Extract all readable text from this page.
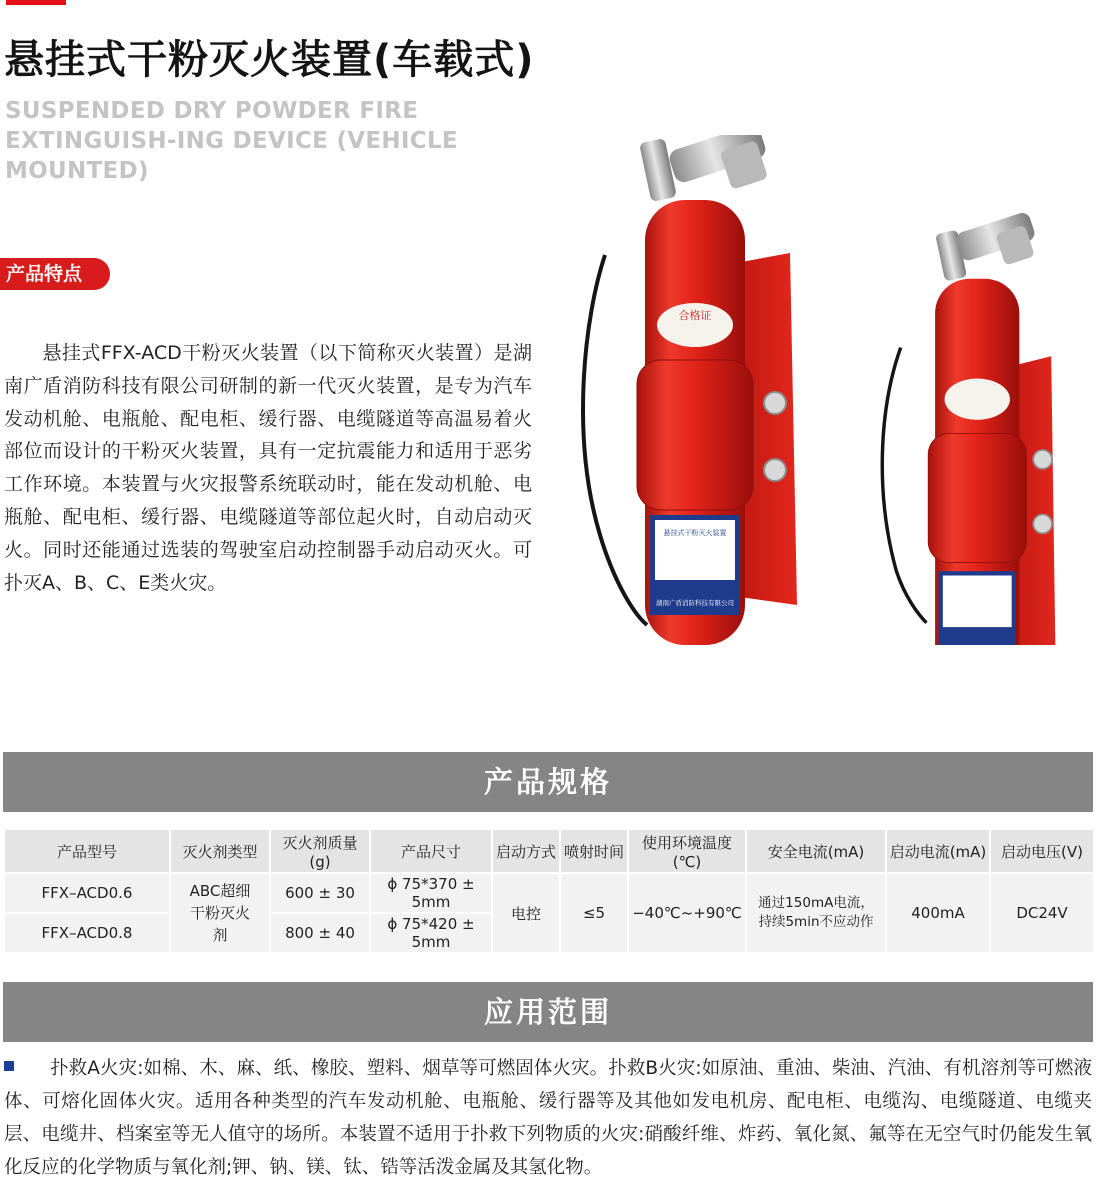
悬挂式干粉灭火装置(车载式)
SUSPENDED DRY POWDER FIRE EXTINGUISH-ING DEVICE (VEHICLE MOUNTED)
产品特点

悬挂式FFX-ACD干粉灭火装置（以下简称灭火装置）是湖南广盾消防科技有限公司研制的新一代灭火装置，是专为汽车发动机舱、电瓶舱、配电柜、缓行器、电缆隧道等高温易着火部位而设计的干粉灭火装置，具有一定抗震能力和适用于恶劣工作环境。本装置与火灾报警系统联动时，能在发动机舱、电瓶舱、配电柜、缓行器、电缆隧道等部位起火时，自动启动灭火。同时还能通过选装的驾驶室启动控制器手动启动灭火。可扑灭A、B、C、E类火灾。

合格证
悬挂式干粉灭火装置
湖南广盾消防科技有限公司
产品规格
产品型号	灭火剂类型	灭火剂质量(g)	产品尺寸	启动方式	喷射时间	使用环境温度(℃)	安全电流(mA)	启动电流(mA)	启动电压(V)
FFX–ACD0.6	ABC超细干粉灭火剂	600 ± 30	ϕ 75*370 ± 5mm	电控	≤5	−40℃~+90℃	通过150mA电流，持续5min不应动作	400mA	DC24V
FFX–ACD0.8		800 ± 40	ϕ 75*420 ± 5mm						
应用范围

扑救A火灾:如棉、木、麻、纸、橡胶、塑料、烟草等可燃固体火灾。扑救B火灾:如原油、重油、柴油、汽油、有机溶剂等可燃液体、可熔化固体火灾。适用各种类型的汽车发动机舱、电瓶舱、缓行器等及其他如发电机房、配电柜、电缆沟、电缆隧道、电缆夹层、电缆井、档案室等无人值守的场所。本装置不适用于扑救下列物质的火灾:硝酸纤维、炸药、氧化氮、氟等在无空气时仍能发生氧化反应的化学物质与氧化剂;钾、钠、镁、钛、锆等活泼金属及其氢化物。
